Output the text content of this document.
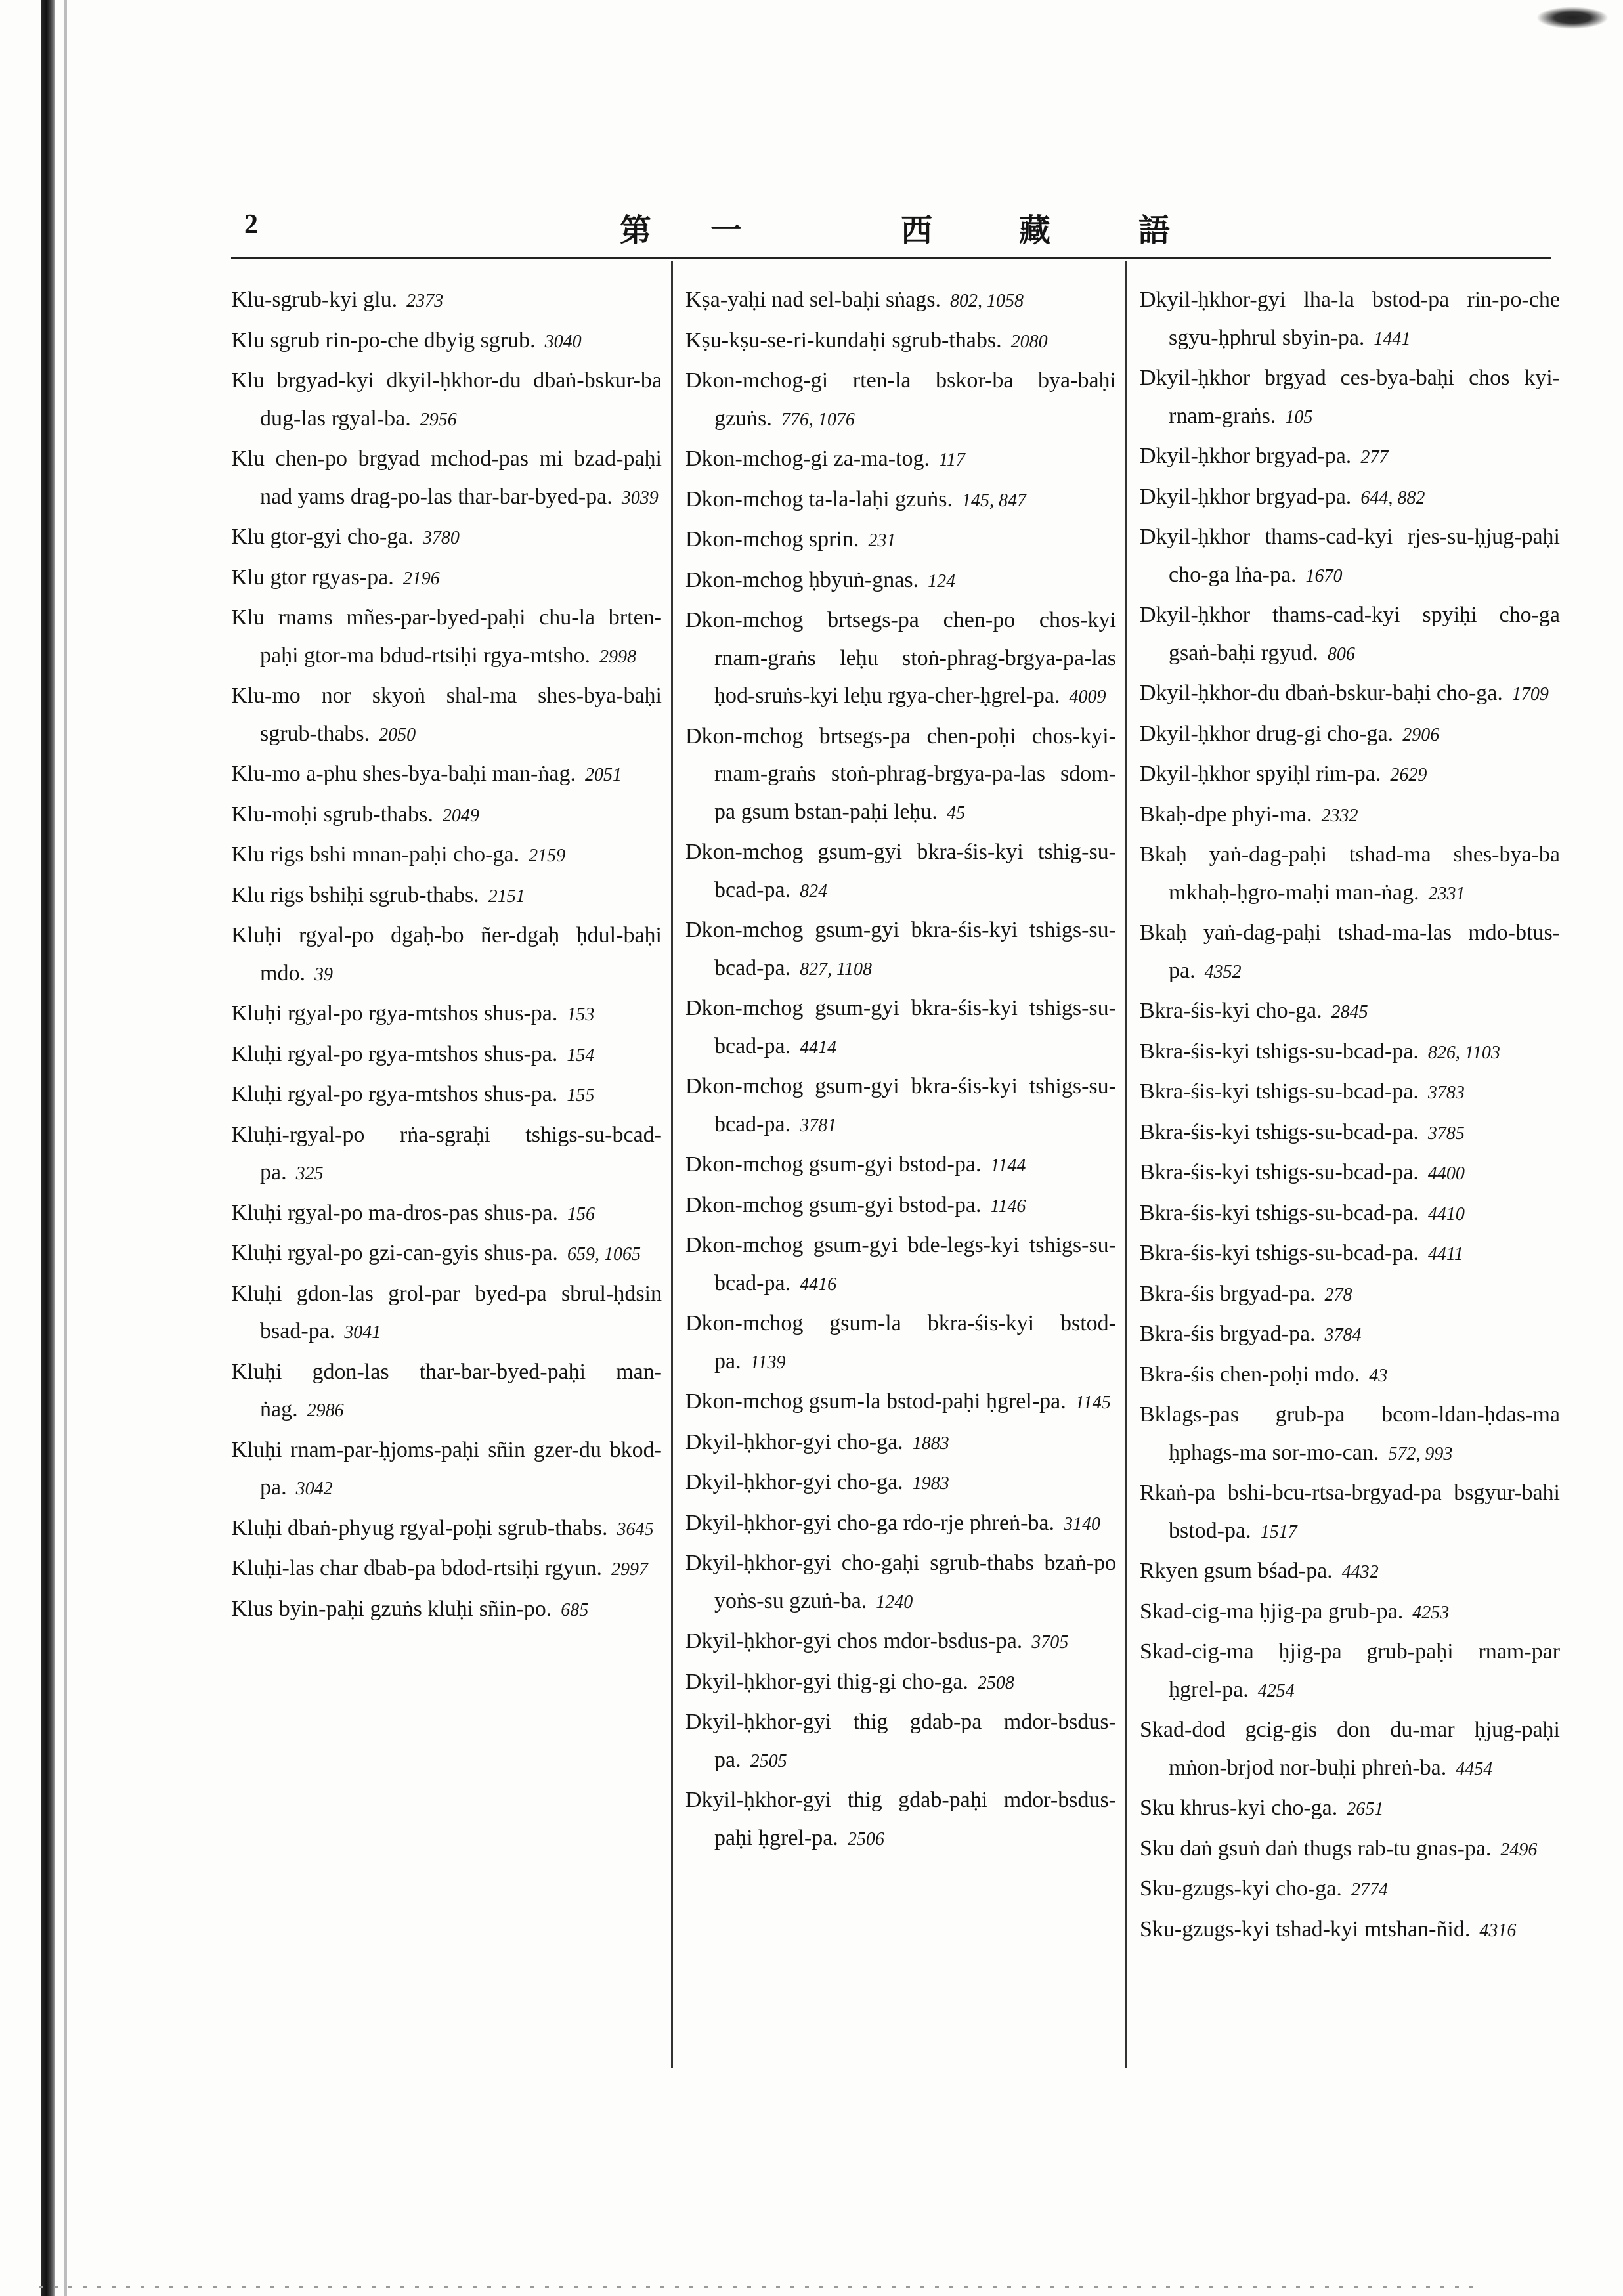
2	第 一	西	藏	語

Klu-sgrub-kyi glu. 2373

Klu sgrub rin-po-che dbyig sgrub. 3040

Klu brgyad-kyi dkyil-ḥkhor-du dbaṅ-bskur-ba dug-las rgyal-ba. 2956

Klu chen-po brgyad mchod-pas mi bzad-paḥi nad yams drag-po-las thar-bar-byed-pa. 3039

Klu gtor-gyi cho-ga. 3780

Klu gtor rgyas-pa. 2196

Klu rnams mñes-par-byed-paḥi chu-la brten-paḥi gtor-ma bdud-rtsiḥi rgya-mtsho. 2998

Klu-mo nor skyoṅ shal-ma shes-bya-baḥi sgrub-thabs. 2050

Klu-mo a-phu shes-bya-baḥi man-ṅag. 2051

Klu-moḥi sgrub-thabs. 2049

Klu rigs bshi mnan-paḥi cho-ga. 2159

Klu rigs bshiḥi sgrub-thabs. 2151

Kluḥi rgyal-po dgaḥ-bo ñer-dgaḥ ḥdul-baḥi mdo. 39

Kluḥi rgyal-po rgya-mtshos shus-pa. 153

Kluḥi rgyal-po rgya-mtshos shus-pa. 154

Kluḥi rgyal-po rgya-mtshos shus-pa. 155

Kluḥi-rgyal-po rṅa-sgraḥi tshigs-su-bcad-pa. 325

Kluḥi rgyal-po ma-dros-pas shus-pa. 156

Kluḥi rgyal-po gzi-can-gyis shus-pa. 659, 1065

Kluḥi gdon-las grol-par byed-pa sbrul-ḥdsin bsad-pa. 3041

Kluḥi gdon-las thar-bar-byed-paḥi man-ṅag. 2986

Kluḥi rnam-par-ḥjoms-paḥi sñin gzer-du bkod-pa. 3042

Kluḥi dbaṅ-phyug rgyal-poḥi sgrub-thabs. 3645

Kluḥi-las char dbab-pa bdod-rtsiḥi rgyun. 2997

Klus byin-paḥi gzuṅs kluḥi sñin-po. 685

Kṣa-yaḥi nad sel-baḥi sṅags. 802, 1058

Kṣu-kṣu-se-ri-kundaḥi sgrub-thabs. 2080

Dkon-mchog-gi rten-la bskor-ba bya-baḥi gzuṅs. 776, 1076

Dkon-mchog-gi za-ma-tog. 117

Dkon-mchog ta-la-laḥi gzuṅs. 145, 847

Dkon-mchog sprin. 231

Dkon-mchog ḥbyuṅ-gnas. 124

Dkon-mchog brtsegs-pa chen-po chos-kyi rnam-graṅs leḥu stoṅ-phrag-brgya-pa-las ḥod-sruṅs-kyi leḥu rgya-cher-ḥgrel-pa. 4009

Dkon-mchog brtsegs-pa chen-poḥi chos-kyi-rnam-graṅs stoṅ-phrag-brgya-pa-las sdom-pa gsum bstan-paḥi leḥu. 45

Dkon-mchog gsum-gyi bkra-śis-kyi tshig-su-bcad-pa. 824

Dkon-mchog gsum-gyi bkra-śis-kyi tshigs-su-bcad-pa. 827, 1108

Dkon-mchog gsum-gyi bkra-śis-kyi tshigs-su-bcad-pa. 4414

Dkon-mchog gsum-gyi bkra-śis-kyi tshigs-su-bcad-pa. 3781

Dkon-mchog gsum-gyi bstod-pa. 1144

Dkon-mchog gsum-gyi bstod-pa. 1146

Dkon-mchog gsum-gyi bde-legs-kyi tshigs-su-bcad-pa. 4416

Dkon-mchog gsum-la bkra-śis-kyi bstod-pa. 1139

Dkon-mchog gsum-la bstod-paḥi ḥgrel-pa. 1145

Dkyil-ḥkhor-gyi cho-ga. 1883

Dkyil-ḥkhor-gyi cho-ga. 1983

Dkyil-ḥkhor-gyi cho-ga rdo-rje phreṅ-ba. 3140

Dkyil-ḥkhor-gyi cho-gaḥi sgrub-thabs bzaṅ-po yoṅs-su gzuṅ-ba. 1240

Dkyil-ḥkhor-gyi chos mdor-bsdus-pa. 3705

Dkyil-ḥkhor-gyi thig-gi cho-ga. 2508

Dkyil-ḥkhor-gyi thig gdab-pa mdor-bsdus-pa. 2505

Dkyil-ḥkhor-gyi thig gdab-paḥi mdor-bsdus-paḥi ḥgrel-pa. 2506

Dkyil-ḥkhor-gyi lha-la bstod-pa rin-po-che sgyu-ḥphrul sbyin-pa. 1441

Dkyil-ḥkhor brgyad ces-bya-baḥi chos kyi-rnam-graṅs. 105

Dkyil-ḥkhor brgyad-pa. 277

Dkyil-ḥkhor brgyad-pa. 644, 882

Dkyil-ḥkhor thams-cad-kyi rjes-su-ḥjug-paḥi cho-ga lṅa-pa. 1670

Dkyil-ḥkhor thams-cad-kyi spyiḥi cho-ga gsaṅ-baḥi rgyud. 806

Dkyil-ḥkhor-du dbaṅ-bskur-baḥi cho-ga. 1709

Dkyil-ḥkhor drug-gi cho-ga. 2906

Dkyil-ḥkhor spyiḥl rim-pa. 2629

Bkaḥ-dpe phyi-ma. 2332

Bkaḥ yaṅ-dag-paḥi tshad-ma shes-bya-ba mkhaḥ-ḥgro-maḥi man-ṅag. 2331

Bkaḥ yaṅ-dag-paḥi tshad-ma-las mdo-btus-pa. 4352

Bkra-śis-kyi cho-ga. 2845

Bkra-śis-kyi tshigs-su-bcad-pa. 826, 1103

Bkra-śis-kyi tshigs-su-bcad-pa. 3783

Bkra-śis-kyi tshigs-su-bcad-pa. 3785

Bkra-śis-kyi tshigs-su-bcad-pa. 4400

Bkra-śis-kyi tshigs-su-bcad-pa. 4410

Bkra-śis-kyi tshigs-su-bcad-pa. 4411

Bkra-śis brgyad-pa. 278

Bkra-śis brgyad-pa. 3784

Bkra-śis chen-poḥi mdo. 43

Bklags-pas grub-pa bcom-ldan-ḥdas-ma ḥphags-ma sor-mo-can. 572, 993

Rkaṅ-pa bshi-bcu-rtsa-brgyad-pa bsgyur-bahi bstod-pa. 1517

Rkyen gsum bśad-pa. 4432

Skad-cig-ma ḥjig-pa grub-pa. 4253

Skad-cig-ma ḥjig-pa grub-paḥi rnam-par ḥgrel-pa. 4254

Skad-dod gcig-gis don du-mar ḥjug-paḥi mṅon-brjod nor-buḥi phreṅ-ba. 4454

Sku khrus-kyi cho-ga. 2651

Sku daṅ gsuṅ daṅ thugs rab-tu gnas-pa. 2496

Sku-gzugs-kyi cho-ga. 2774

Sku-gzugs-kyi tshad-kyi mtshan-ñid. 4316
